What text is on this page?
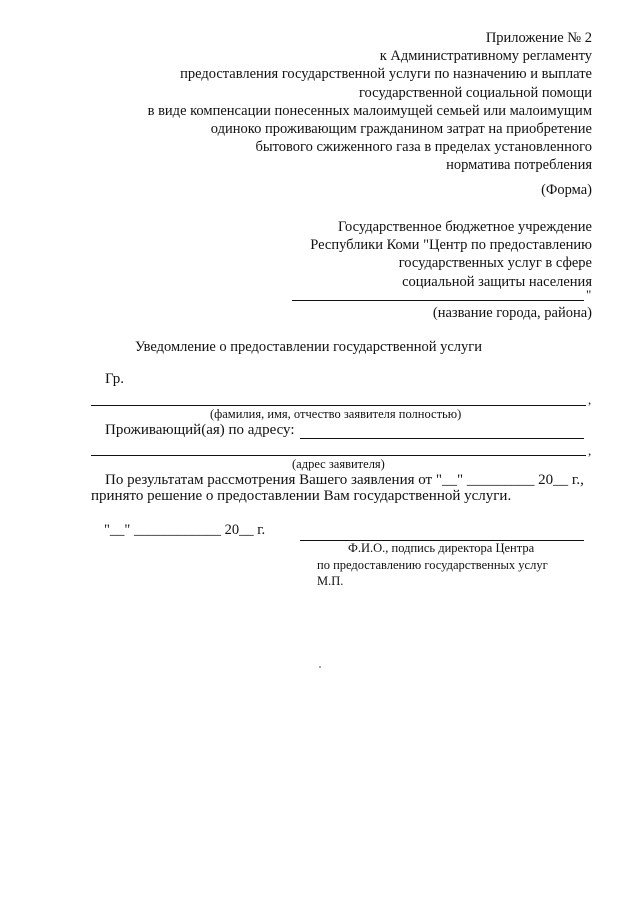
Приложение № 2
к Административному регламенту
предоставления государственной услуги по назначению и выплате
государственной социальной помощи
в виде компенсации понесенных малоимущей семьей или малоимущим
одиноко проживающим гражданином затрат на приобретение
бытового сжиженного газа в пределах установленного
норматива потребления
(Форма)
Государственное бюджетное учреждение
Республики Коми "Центр по предоставлению
государственных услуг в сфере
социальной защиты населения
"
(название города, района)
Уведомление о предоставлении государственной услуги
Гр.
,
(фамилия, имя, отчество заявителя полностью)
Проживающий(ая) по адресу:
,
(адрес заявителя)
По результатам рассмотрения Вашего заявления от "__" _________ 20__ г.,
принято решение о предоставлении Вам государственной услуги.
"__" ____________ 20__ г.
Ф.И.О., подпись директора Центра
по предоставлению государственных услуг
М.П.
